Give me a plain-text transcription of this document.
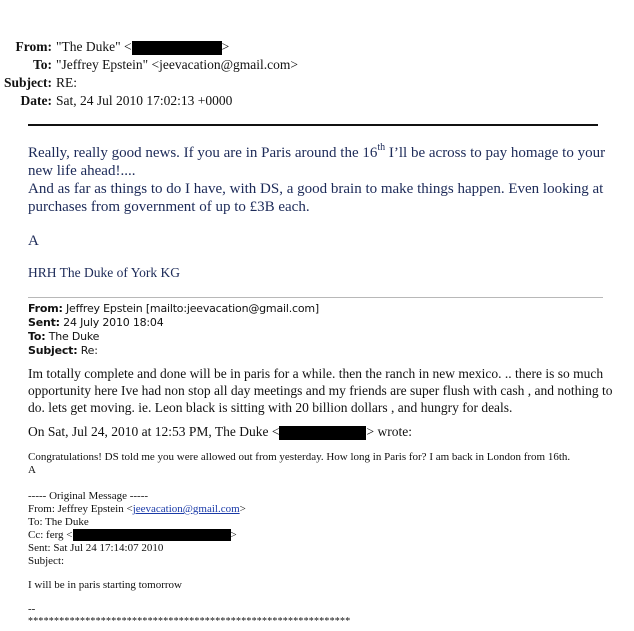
From: "The Duke" <	>
To: "Jeffrey Epstein" <jeevacation@gmail.com>
Subject: RE:
Date: Sat, 24 Jul 2010 17:02:13 +0000
Really, really good news. If you are in Paris around the 16th I’ll be across to pay homage to your new life ahead!....
And as far as things to do I have, with DS, a good brain to make things happen. Even looking at purchases from government of up to £3B each.
A
HRH The Duke of York KG
From: Jeffrey Epstein [mailto:jeevacation@gmail.com]
Sent: 24 July 2010 18:04
To: The Duke
Subject: Re:
Im totally complete and done will be in paris for a while. then the ranch in new mexico. .. there is so much opportunity here Ive had non stop all day meetings and my friends are super flush with cash , and nothing to do. lets get moving. ie. Leon black is sitting with 20 billion dollars , and hungry for deals.
On Sat, Jul 24, 2010 at 12:53 PM, The Duke <	> wrote:
Congratulations! DS told me you were allowed out from yesterday. How long in Paris for? I am back in London from 16th.
A
----- Original Message -----
From: Jeffrey Epstein <jeevacation@gmail.com>
To: The Duke
Cc: ferg <	>
Sent: Sat Jul 24 17:14:07 2010
Subject:
I will be in paris starting tomorrow
--
**************************************************************
